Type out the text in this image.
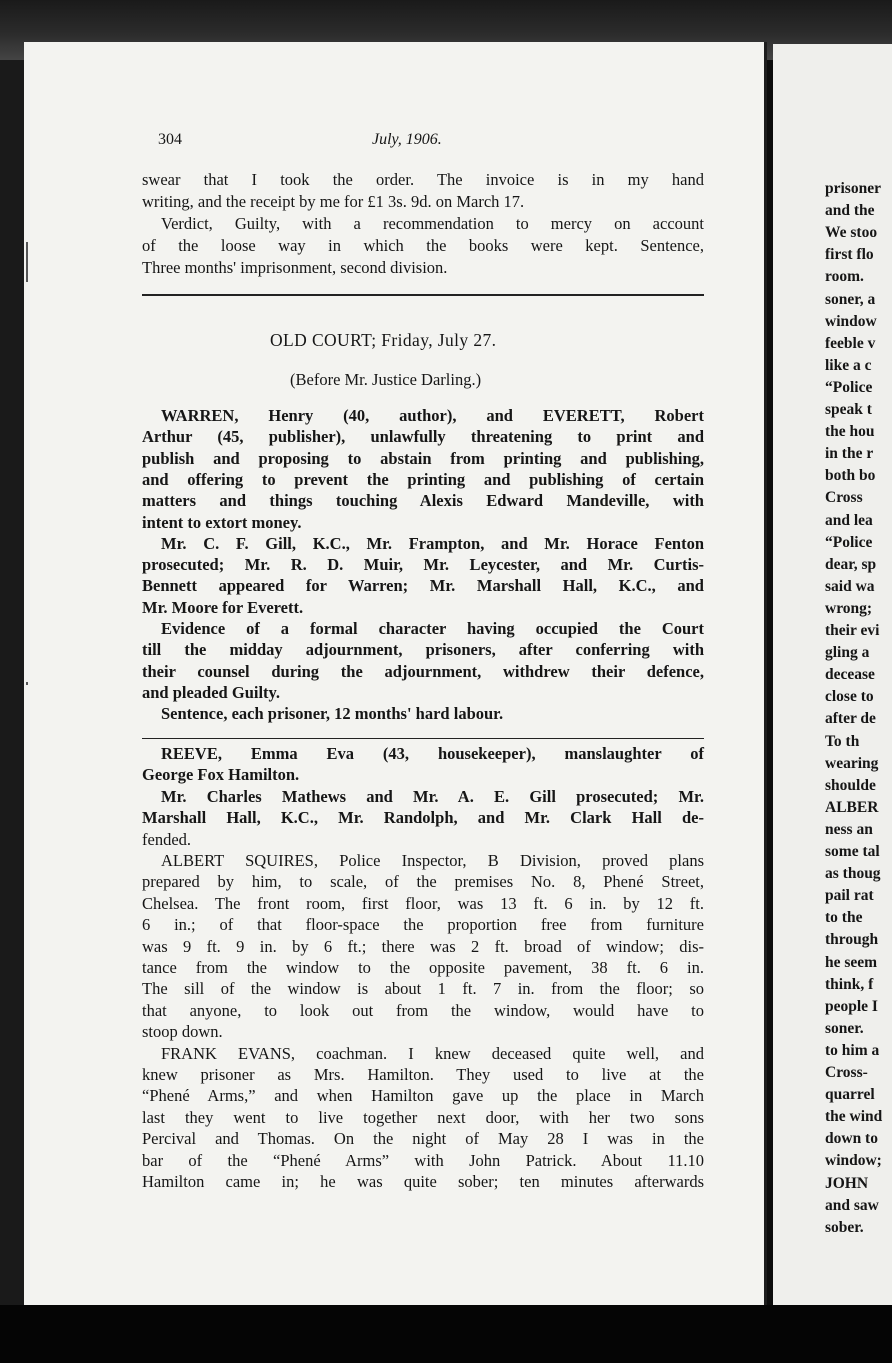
304	July, 1906.
swear that I took the order. The invoice is in my hand
writing, and the receipt by me for £1 3s. 9d. on March 17.
Verdict, Guilty, with a recommendation to mercy on account
of the loose way in which the books were kept. Sentence,
Three months' imprisonment, second division.
OLD COURT; Friday, July 27.
(Before Mr. Justice Darling.)
WARREN, Henry (40, author), and EVERETT, Robert
Arthur (45, publisher), unlawfully threatening to print and
publish and proposing to abstain from printing and publishing,
and offering to prevent the printing and publishing of certain
matters and things touching Alexis Edward Mandeville, with
intent to extort money.
Mr. C. F. Gill, K.C., Mr. Frampton, and Mr. Horace Fenton
prosecuted; Mr. R. D. Muir, Mr. Leycester, and Mr. Curtis-
Bennett appeared for Warren; Mr. Marshall Hall, K.C., and
Mr. Moore for Everett.
Evidence of a formal character having occupied the Court
till the midday adjournment, prisoners, after conferring with
their counsel during the adjournment, withdrew their defence,
and pleaded Guilty.
Sentence, each prisoner, 12 months' hard labour.
REEVE, Emma Eva (43, housekeeper), manslaughter of
George Fox Hamilton.
Mr. Charles Mathews and Mr. A. E. Gill prosecuted; Mr.
Marshall Hall, K.C., Mr. Randolph, and Mr. Clark Hall de-
fended.
ALBERT SQUIRES, Police Inspector, B Division, proved plans
prepared by him, to scale, of the premises No. 8, Phené Street,
Chelsea. The front room, first floor, was 13 ft. 6 in. by 12 ft.
6 in.; of that floor-space the proportion free from furniture
was 9 ft. 9 in. by 6 ft.; there was 2 ft. broad of window; dis-
tance from the window to the opposite pavement, 38 ft. 6 in.
The sill of the window is about 1 ft. 7 in. from the floor; so
that anyone, to look out from the window, would have to
stoop down.
FRANK EVANS, coachman. I knew deceased quite well, and
knew prisoner as Mrs. Hamilton. They used to live at the
“Phené Arms,” and when Hamilton gave up the place in March
last they went to live together next door, with her two sons
Percival and Thomas. On the night of May 28 I was in the
bar of the “Phené Arms” with John Patrick. About 11.10
Hamilton came in; he was quite sober; ten minutes afterwards
prisoner
and the
We stoo
first flo
room.
soner, a
window
feeble v
like a c
“Police
speak t
the hou
in the r
both bo
Cross
and lea
“Police
dear, sp
said wa
wrong;
their evi
gling a
decease
close to
after de
To th
wearing
shoulde
ALBER
ness an
some tal
as thoug
pail rat
to the
through
he seem
think, f
people I
soner.
to him a
Cross-
quarrel
the wind
down to
window;
JOHN
and saw
sober.
